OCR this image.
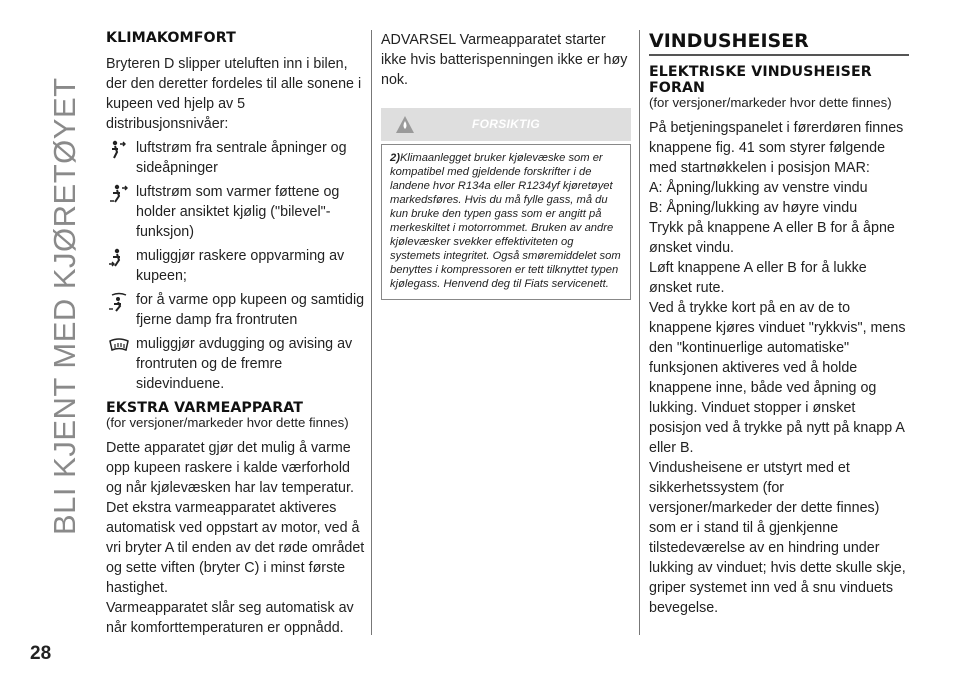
BLI KJENT MED KJØRETØYET
28
KLIMAKOMFORT

Bryteren D slipper uteluften inn i bilen, der den deretter fordeles til alle sonene i kupeen ved hjelp av 5 distribusjonsnivåer:

luftstrøm fra sentrale åpninger og sideåpninger
luftstrøm som varmer føttene og holder ansiktet kjølig ("bilevel"-funksjon)
muliggjør raskere oppvarming av kupeen;
for å varme opp kupeen og samtidig fjerne damp fra frontruten
muliggjør avdugging og avising av frontruten og de fremre sidevinduene.
EKSTRA VARMEAPPARAT

(for versjoner/markeder hvor dette finnes)

Dette apparatet gjør det mulig å varme opp kupeen raskere i kalde værforhold og når kjølevæsken har lav temperatur.

Det ekstra varmeapparatet aktiveres automatisk ved oppstart av motor, ved å vri bryter A til enden av det røde området og sette viften (bryter C) i minst første hastighet.

Varmeapparatet slår seg automatisk av når komforttemperaturen er oppnådd.

ADVARSEL Varmeapparatet starter ikke hvis batterispenningen ikke er høy nok.

FORSIKTIG

2)Klimaanlegget bruker kjølevæske som er kompatibel med gjeldende forskrifter i de landene hvor R134a eller R1234yf kjøretøyet markedsføres. Hvis du må fylle gass, må du kun bruke den typen gass som er angitt på merkeskiltet i motorrommet. Bruken av andre kjølevæsker svekker effektiviteten og systemets integritet. Også smøremiddelet som benyttes i kompressoren er tett tilknyttet typen kjølegass. Henvend deg til Fiats servicenett.

VINDUSHEISER
ELEKTRISKE VINDUSHEISER FORAN

(for versjoner/markeder hvor dette finnes)

På betjeningspanelet i førerdøren finnes knappene fig. 41 som styrer følgende med startnøkkelen i posisjon MAR:

A: Åpning/lukking av venstre vindu

B: Åpning/lukking av høyre vindu

Trykk på knappene A eller B for å åpne ønsket vindu.

Løft knappene A eller B for å lukke ønsket rute.

Ved å trykke kort på en av de to knappene kjøres vinduet "rykkvis", mens den "kontinuerlige automatiske" funksjonen aktiveres ved å holde knappene inne, både ved åpning og lukking. Vinduet stopper i ønsket posisjon ved å trykke på nytt på knapp A eller B.

Vindusheisene er utstyrt med et sikkerhetssystem (for versjoner/markeder der dette finnes) som er i stand til å gjenkjenne tilstedeværelse av en hindring under lukking av vinduet; hvis dette skulle skje, griper systemet inn ved å snu vinduets bevegelse.
